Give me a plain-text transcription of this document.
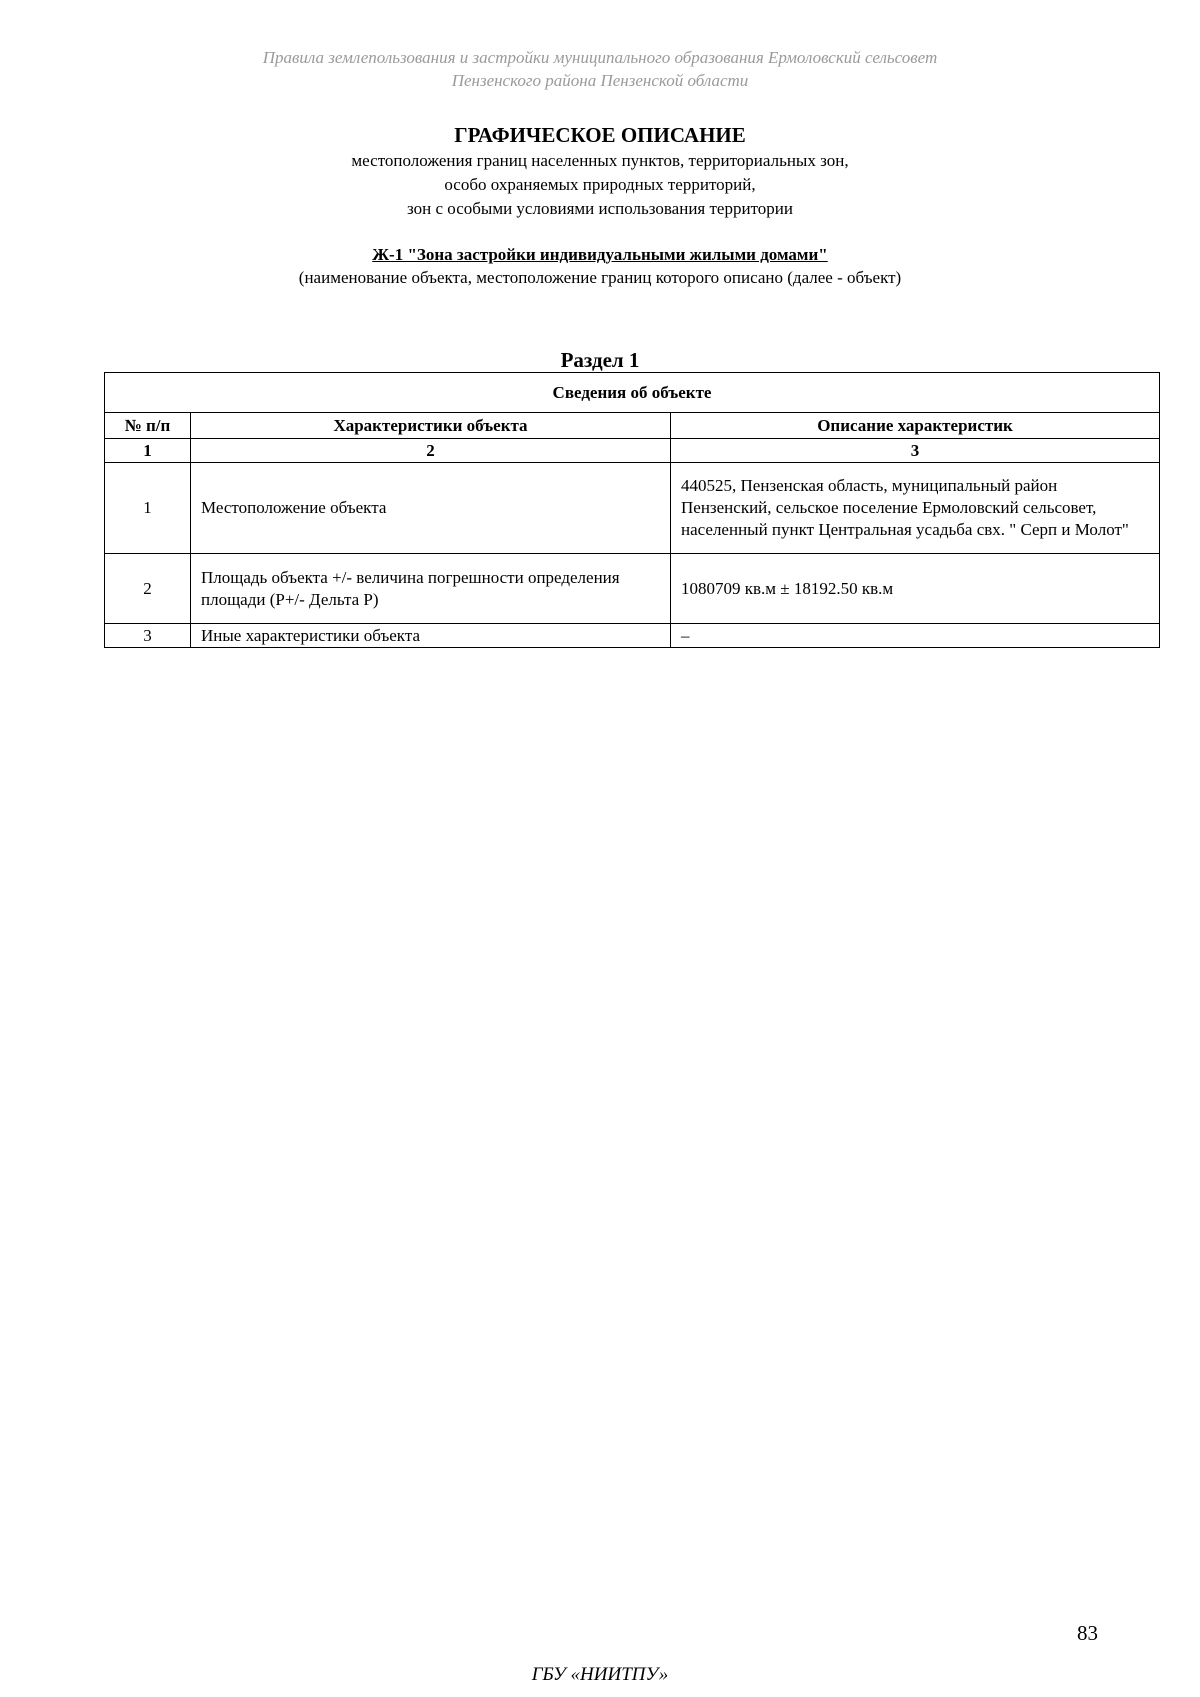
Правила землепользования и застройки муниципального образования Ермоловский сельсовет
Пензенского района Пензенской области
ГРАФИЧЕСКОЕ ОПИСАНИЕ
местоположения границ населенных пунктов, территориальных зон,
особо охраняемых природных территорий,
зон с особыми условиями использования территории
Ж-1 "Зона застройки индивидуальными жилыми домами"
(наименование объекта, местоположение границ которого описано (далее - объект)
Раздел 1
Сведения об объекте		
№ п/п	Характеристики объекта	Описание характеристик
1	2	3
1	Местоположение объекта	440525, Пензенская область, муниципальный район Пензенский, сельское поселение Ермоловский сельсовет, населенный пункт Центральная усадьба свх. " Серп и Молот"
2	Площадь объекта +/- величина погрешности определения площади (Р+/- Дельта Р)	1080709 кв.м ± 18192.50 кв.м
3	Иные характеристики объекта	–
83
ГБУ «НИИТПУ»
